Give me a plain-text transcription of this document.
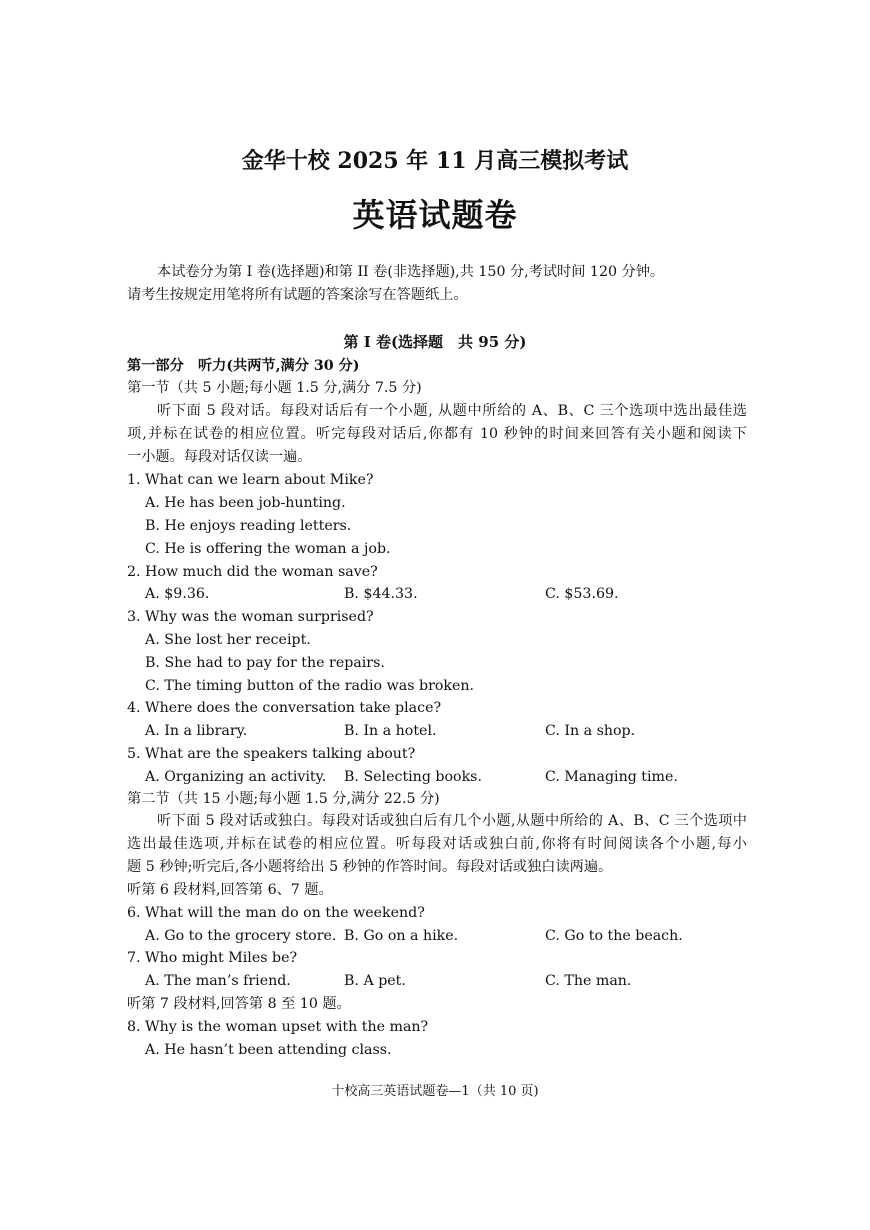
金华十校 2025 年 11 月高三模拟考试
英语试题卷
本试卷分为第 Ⅰ 卷(选择题)和第 II 卷(非选择题),共 150 分,考试时间 120 分钟。
请考生按规定用笔将所有试题的答案涂写在答题纸上。
第 I 卷(选择题　共 95 分)
第一部分　听力(共两节,满分 30 分)
第一节（共 5 小题;每小题 1.5 分,满分 7.5 分)
听下面 5 段对话。每段对话后有一个小题, 从题中所给的 A、B、C 三个选项中选出最佳选
项,并标在试卷的相应位置。听完每段对话后,你都有 10 秒钟的时间来回答有关小题和阅读下
一小题。每段对话仅读一遍。
1. What can we learn about Mike?
A. He has been job-hunting.
B. He enjoys reading letters.
C. He is offering the woman a job.
2. How much did the woman save?
A. $9.36.	B. $44.33.	C. $53.69.
3. Why was the woman surprised?
A. She lost her receipt.
B. She had to pay for the repairs.
C. The timing button of the radio was broken.
4. Where does the conversation take place?
A. In a library.	B. In a hotel.	C. In a shop.
5. What are the speakers talking about?
A. Organizing an activity. B. Selecting books.	C. Managing time.
第二节（共 15 小题;每小题 1.5 分,满分 22.5 分)
听下面 5 段对话或独白。每段对话或独白后有几个小题,从题中所给的 A、B、C 三个选项中
选出最佳选项,并标在试卷的相应位置。听每段对话或独白前,你将有时间阅读各个小题,每小
题 5 秒钟;听完后,各小题将给出 5 秒钟的作答时间。每段对话或独白读两遍。
听第 6 段材料,回答第 6、7 题。
6. What will the man do on the weekend?
A. Go to the grocery store. B. Go on a hike.	C. Go to the beach.
7. Who might Miles be?
A. The man’s friend.	B. A pet.	C. The man.
听第 7 段材料,回答第 8 至 10 题。
8. Why is the woman upset with the man?
A. He hasn’t been attending class.
十校高三英语试题卷—1（共 10 页)
